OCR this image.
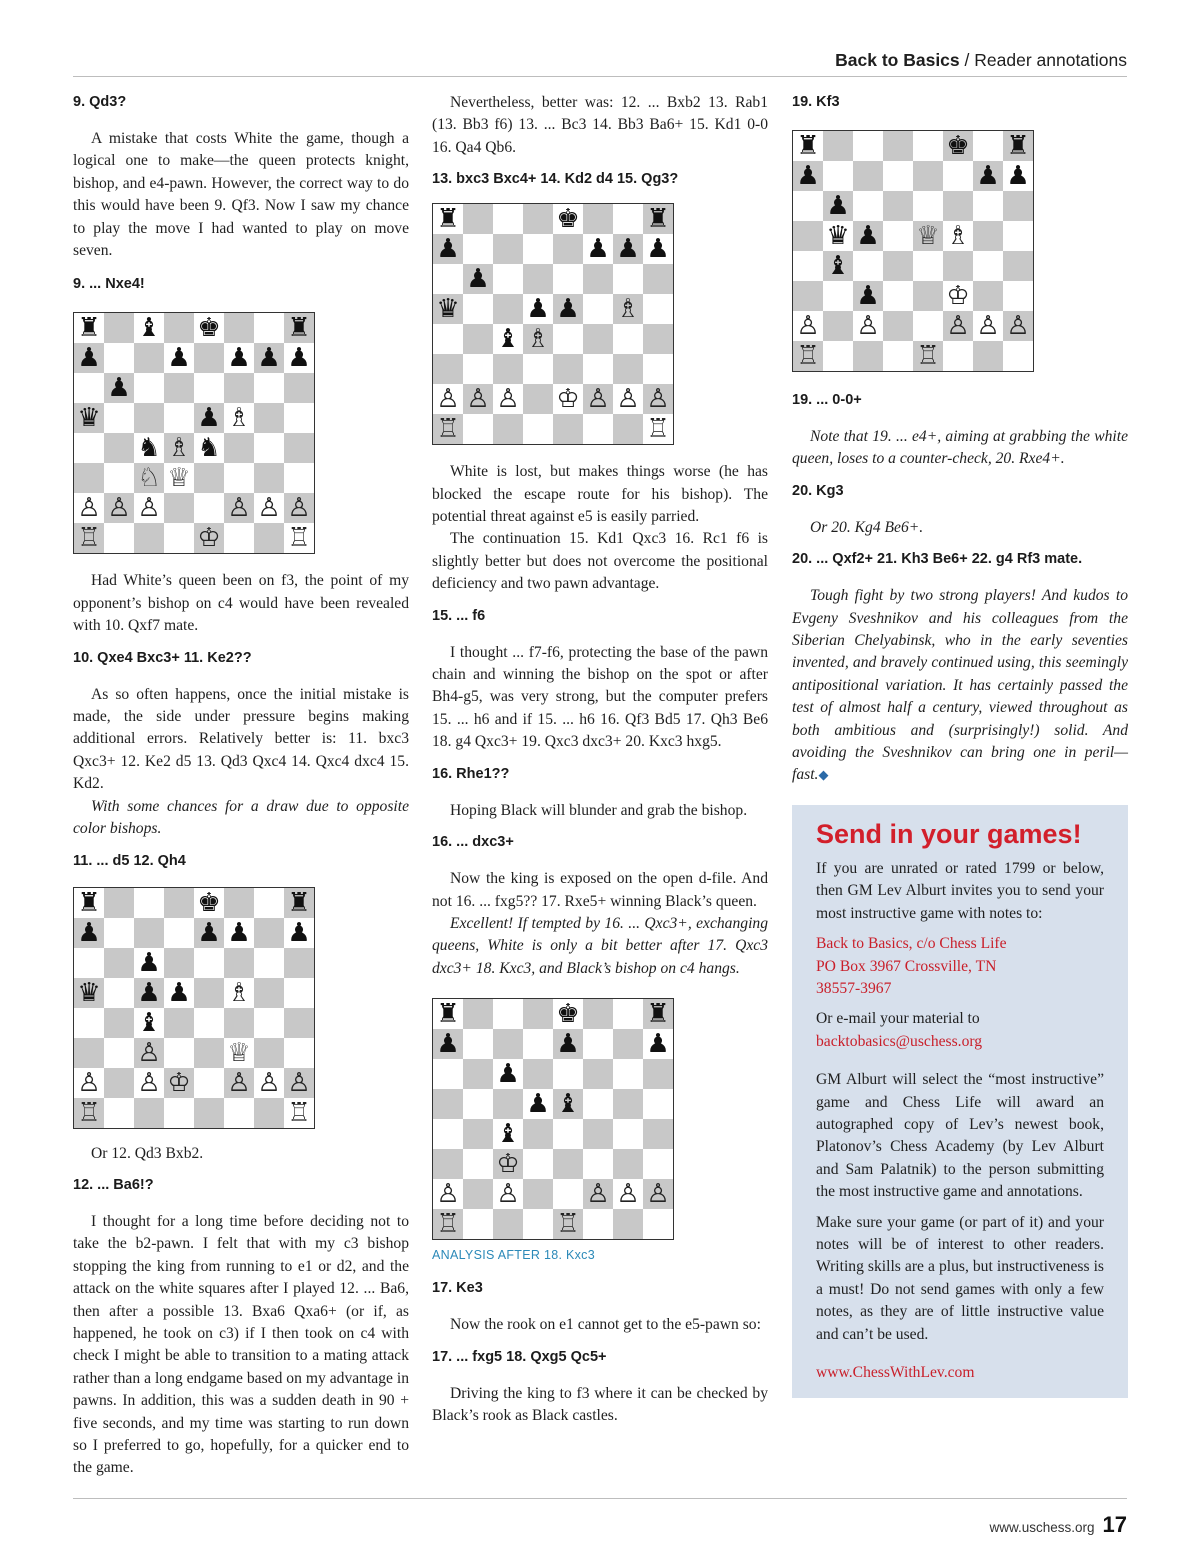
Back to Basics / Reader annotations
9. Qd3?

A mistake that costs White the game, though a logical one to make—the queen protects knight, bishop, and e4-pawn. However, the correct way to do this would have been 9. Qf3. Now I saw my chance to play the move I had wanted to play on move seven.

9. ... Nxe4!
♜ ♝ ♚	♜
♟	♟ ♟ ♟ ♟
♟
♛	♟ ♗
♞ ♗ ♞
♘ ♕
♙ ♙ ♙	♙ ♙ ♙
♖	♔	♖

Had White’s queen been on f3, the point of my opponent’s bishop on c4 would have been revealed with 10. Qxf7 mate.

10. Qxe4 Bxc3+ 11. Ke2??

As so often happens, once the initial mistake is made, the side under pressure begins making additional errors. Relatively better is: 11. bxc3 Qxc3+ 12. Ke2 d5 13. Qd3 Qxc4 14. Qxc4 dxc4 15. Kd2.

With some chances for a draw due to opposite color bishops.

11. ... d5 12. Qh4
♜	♚	♜
♟	♟ ♟ ♟
♟
♛ ♟ ♟ ♗
♝
♙	♕
♙ ♙ ♔ ♙ ♙ ♙
♖	♖

Or 12. Qd3 Bxb2.

12. ... Ba6!?

I thought for a long time before deciding not to take the b2-pawn. I felt that with my c3 bishop stopping the king from running to e1 or d2, and the attack on the white squares after I played 12. ... Ba6, then after a possible 13. Bxa6 Qxa6+ (or if, as happened, he took on c3) if I then took on c4 with check I might be able to transition to a mating attack rather than a long endgame based on my advantage in pawns. In addition, this was a sudden death in 90 + five seconds, and my time was starting to run down so I preferred to go, hopefully, for a quicker end to the game.

Nevertheless, better was: 12. ... Bxb2 13. Rab1 (13. Bb3 f6) 13. ... Bc3 14. Bb3 Ba6+ 15. Kd1 0-0 16. Qa4 Qb6.

13. bxc3 Bxc4+ 14. Kd2 d4 15. Qg3?
♜	♚	♜
♟	♟ ♟ ♟
♟
♛	♟ ♟ ♗
♝ ♗
♙ ♙ ♙ ♔ ♙ ♙ ♙
♖	♖

White is lost, but makes things worse (he has blocked the escape route for his bishop). The potential threat against e5 is easily parried.

The continuation 15. Kd1 Qxc3 16. Rc1 f6 is slightly better but does not overcome the positional deficiency and two pawn advantage.

15. ... f6

I thought ... f7-f6, protecting the base of the pawn chain and winning the bishop on the spot or after Bh4-g5, was very strong, but the computer prefers 15. ... h6 and if 15. ... h6 16. Qf3 Bd5 17. Qh3 Be6 18. g4 Qxc3+ 19. Qxc3 dxc3+ 20. Kxc3 hxg5.

16. Rhe1??

Hoping Black will blunder and grab the bishop.

16. ... dxc3+

Now the king is exposed on the open d-file. And not 16. ... fxg5?? 17. Rxe5+ winning Black’s queen.

Excellent! If tempted by 16. ... Qxc3+, exchanging queens, White is only a bit better after 17. Qxc3 dxc3+ 18. Kxc3, and Black’s bishop on c4 hangs.

♜	♚	♜
♟	♟	♟
♟
♟ ♝
♝
♔
♙ ♙	♙ ♙ ♙
♖	♖
ANALYSIS AFTER 18. Kxc3
17. Ke3

Now the rook on e1 cannot get to the e5-pawn so:

17. ... fxg5 18. Qxg5 Qc5+

Driving the king to f3 where it can be checked by Black’s rook as Black castles.

19. Kf3
♜	♚ ♜
♟	♟ ♟
♟
♛ ♟ ♕ ♗
♝
♟	♔
♙ ♙	♙ ♙ ♙
♖	♖
19. ... 0-0+

Note that 19. ... e4+, aiming at grabbing the white queen, loses to a counter-check, 20. Rxe4+.

20. Kg3

Or 20. Kg4 Be6+.

20. ... Qxf2+ 21. Kh3 Be6+ 22. g4 Rf3 mate.

Tough fight by two strong players! And kudos to Evgeny Sveshnikov and his colleagues from the Siberian Chelyabinsk, who in the early seventies invented, and bravely continued using, this seemingly antipositional variation. It has certainly passed the test of almost half a century, viewed throughout as both ambitious and (surprisingly!) solid. And avoiding the Sveshnikov can bring one in peril—fast.◆

Send in your games!

If you are unrated or rated 1799 or below, then GM Lev Alburt invites you to send your most instructive game with notes to:

Back to Basics, c/o Chess Life

PO Box 3967 Crossville, TN

38557-3967

Or e-mail your material to

backtobasics@uschess.org

GM Alburt will select the “most instructive” game and Chess Life will award an autographed copy of Lev’s newest book, Platonov’s Chess Academy (by Lev Alburt and Sam Palatnik) to the person submitting the most instructive game and annotations.

Make sure your game (or part of it) and your notes will be of interest to other readers. Writing skills are a plus, but instructiveness is a must! Do not send games with only a few notes, as they are of little instructive value and can’t be used.

www.ChessWithLev.com

www.uschess.org 17
